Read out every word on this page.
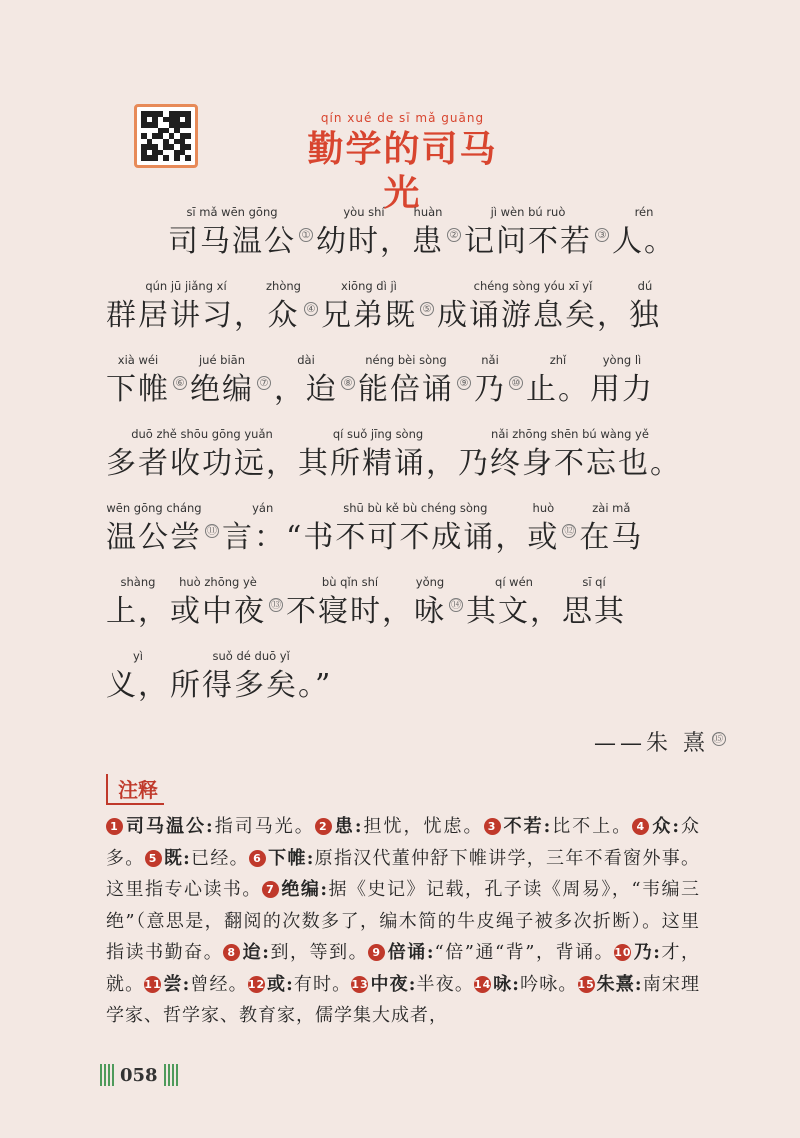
qín xué de sī mǎ guāng
勤学的司马光
sī mǎ wēn gōng
司马温公 ①
yòu shí
幼时，
huàn
患 ②
jì wèn bú ruò
记问不若 ③
rén
人。
qún jū jiǎng xí
群居讲习，
zhòng
众 ④
xiōng dì jì
兄弟既 ⑤
chéng sòng yóu xī yǐ
成诵游息矣，
dú
独
xià wéi
下帷 ⑥
jué biān
绝编 ⑦
dài
，迨 ⑧
néng bèi sòng
能倍诵 ⑨
nǎi
乃 ⑩
zhǐ
止。
yòng lì
用力
duō zhě shōu gōng yuǎn
多者收功远，
qí suǒ jīng sòng
其所精诵，
nǎi zhōng shēn bú wàng yě
乃终身不忘也。
wēn gōng cháng
温公尝 ⑪
yán
言：“
shū bù kě bù chéng sòng
书不可不成诵，
huò
或 ⑫
zài mǎ
在马
shàng
上，
huò zhōng yè
或中夜 ⑬
bù qǐn shí
不寝时，
yǒng
咏 ⑭
qí wén
其文，
sī qí
思其
yì
义，
suǒ dé duō yǐ
所得多矣。”
——朱 熹 ⑮
注释
1 司马温公:指司马光。 2 患:担忧，忧虑。 3 不若:比不上。 4 众:众多。 5 既:已经。 6 下帷:原指汉代董仲舒下帷讲学，三年不看窗外事。这里指专心读书。 7 绝编:据《史记》记载，孔子读《周易》，“韦编三绝”（意思是，翻阅的次数多了，编木简的牛皮绳子被多次折断）。这里指读书勤奋。 8 迨:到，等到。 9 倍诵:“倍”通“背”，背诵。10乃:才，就。11尝:曾经。12或:有时。13中夜:半夜。14咏:吟咏。15朱熹:南宋理学家、哲学家、教育家，儒学集大成者，
058
